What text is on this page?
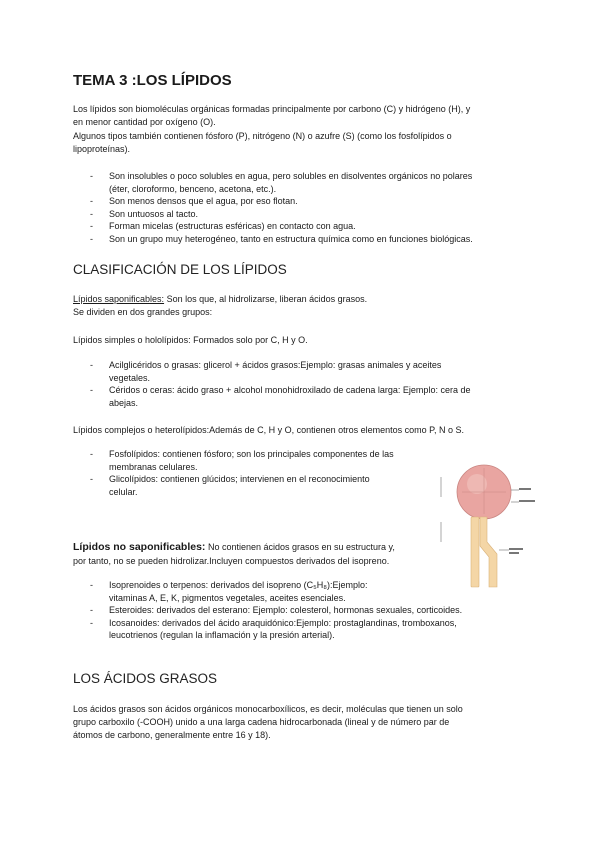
TEMA 3 :LOS LÍPIDOS

Los lípidos son biomoléculas orgánicas formadas principalmente por carbono (C) y hidrógeno (H), y

en menor cantidad por oxígeno (O).

Algunos tipos también contienen fósforo (P), nitrógeno (N) o azufre (S) (como los fosfolípidos o

lipoproteínas).

- Son insolubles o poco solubles en agua, pero solubles en disolventes orgánicos no polares
(éter, cloroformo, benceno, acetona, etc.).
- Son menos densos que el agua, por eso flotan.
- Son untuosos al tacto.
- Forman micelas (estructuras esféricas) en contacto con agua.
- Son un grupo muy heterogéneo, tanto en estructura química como en funciones biológicas.
CLASIFICACIÓN DE LOS LÍPIDOS

Lípidos saponificables: Son los que, al hidrolizarse, liberan ácidos grasos.

Se dividen en dos grandes grupos:

Lípidos simples o hololípidos: Formados solo por C, H y O.

- Acilglicéridos o grasas: glicerol + ácidos grasos:Ejemplo: grasas animales y aceites
vegetales.
- Céridos o ceras: ácido graso + alcohol monohidroxilado de cadena larga: Ejemplo: cera de
abejas.

Lípidos complejos o heterolípidos:Además de C, H y O, contienen otros elementos como P, N o S.

- Fosfolípidos: contienen fósforo; son los principales componentes de las
membranas celulares.
- Glicolípidos: contienen glúcidos; intervienen en el reconocimiento
celular.

Lípidos no saponificables: No contienen ácidos grasos en su estructura y,

por tanto, no se pueden hidrolizar.Incluyen compuestos derivados del isopreno.

- Isoprenoides o terpenos: derivados del isopreno (C₅H₈):Ejemplo:
vitaminas A, E, K, pigmentos vegetales, aceites esenciales.
- Esteroides: derivados del esterano: Ejemplo: colesterol, hormonas sexuales, corticoides.
- Icosanoides: derivados del ácido araquidónico:Ejemplo: prostaglandinas, tromboxanos,
leucotrienos (regulan la inflamación y la presión arterial).
LOS ÁCIDOS GRASOS

Los ácidos grasos son ácidos orgánicos monocarboxílicos, es decir, moléculas que tienen un solo

grupo carboxilo (-COOH) unido a una larga cadena hidrocarbonada (lineal y de número par de

átomos de carbono, generalmente entre 16 y 18).
